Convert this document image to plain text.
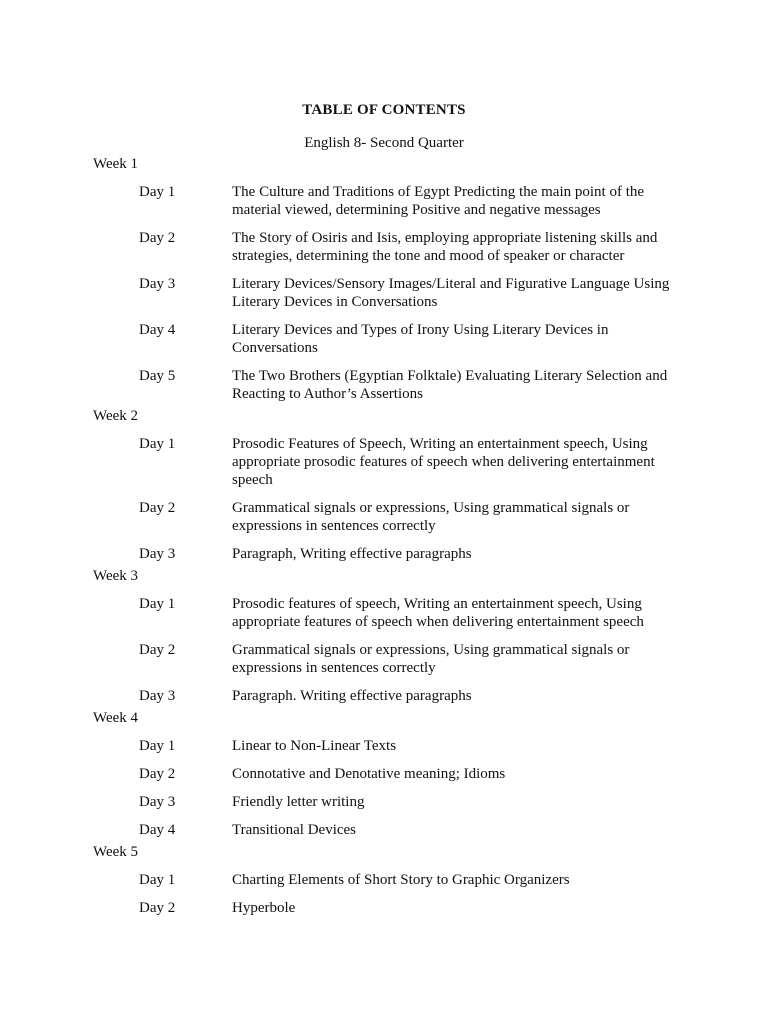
TABLE OF CONTENTS
English 8- Second Quarter
Week 1
Day 1	The Culture and Traditions of Egypt Predicting the main point of the material viewed, determining Positive and negative messages
Day 2	The Story of Osiris and Isis, employing appropriate listening skills and strategies, determining the tone and mood of speaker or character
Day 3	Literary Devices/Sensory Images/Literal and Figurative Language Using Literary Devices in Conversations
Day 4	Literary Devices and Types of Irony Using Literary Devices in Conversations
Day 5	The Two Brothers (Egyptian Folktale) Evaluating Literary Selection and Reacting to Author’s Assertions
Week 2
Day 1	Prosodic Features of Speech, Writing an entertainment speech, Using appropriate prosodic features of speech when delivering entertainment speech
Day 2	Grammatical signals or expressions, Using grammatical signals or expressions in sentences correctly
Day 3	Paragraph, Writing effective paragraphs
Week 3
Day 1	Prosodic features of speech, Writing an entertainment speech, Using appropriate features of speech when delivering entertainment speech
Day 2	Grammatical signals or expressions, Using grammatical signals or expressions in sentences correctly
Day 3	Paragraph. Writing effective paragraphs
Week 4
Day 1	Linear to Non-Linear Texts
Day 2	Connotative and Denotative meaning; Idioms
Day 3	Friendly letter writing
Day 4	Transitional Devices
Week 5
Day 1	Charting Elements of Short Story to Graphic Organizers
Day 2	Hyperbole
